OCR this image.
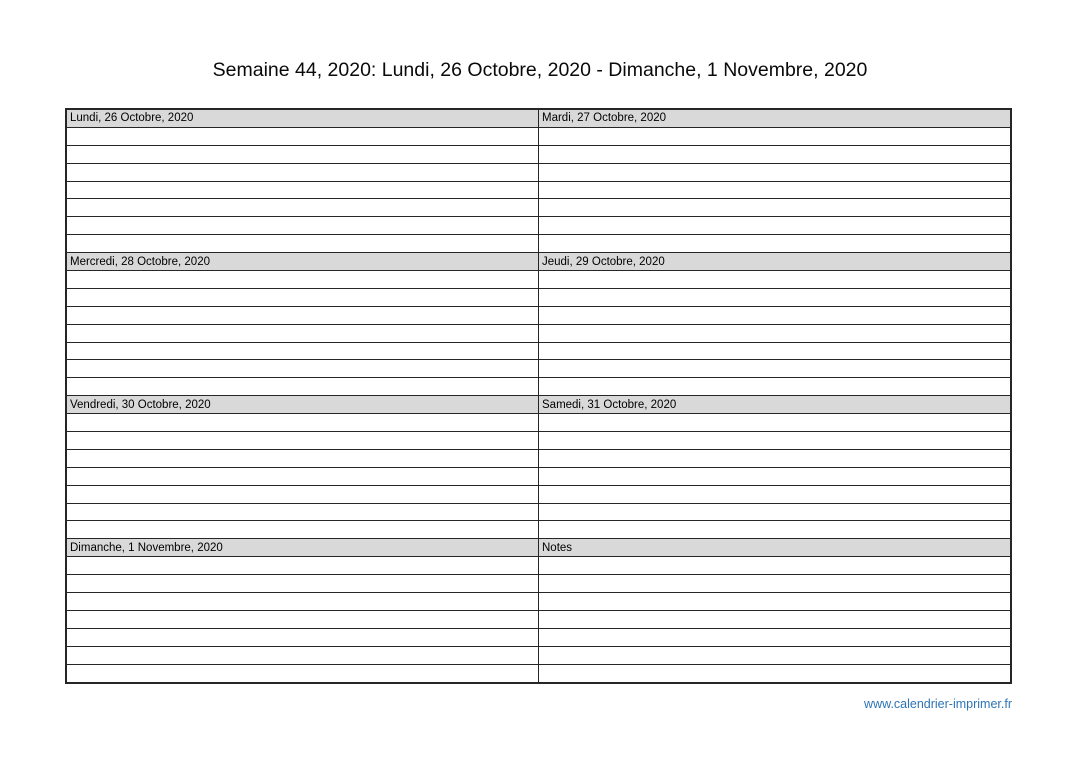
Semaine 44, 2020: Lundi, 26 Octobre, 2020 - Dimanche, 1 Novembre, 2020
Lundi, 26 Octobre, 2020	Mardi, 27 Octobre, 2020

Mercredi, 28 Octobre, 2020	Jeudi, 29 Octobre, 2020

Vendredi, 30 Octobre, 2020	Samedi, 31 Octobre, 2020

Dimanche, 1 Novembre, 2020	Notes

www.calendrier-imprimer.fr
